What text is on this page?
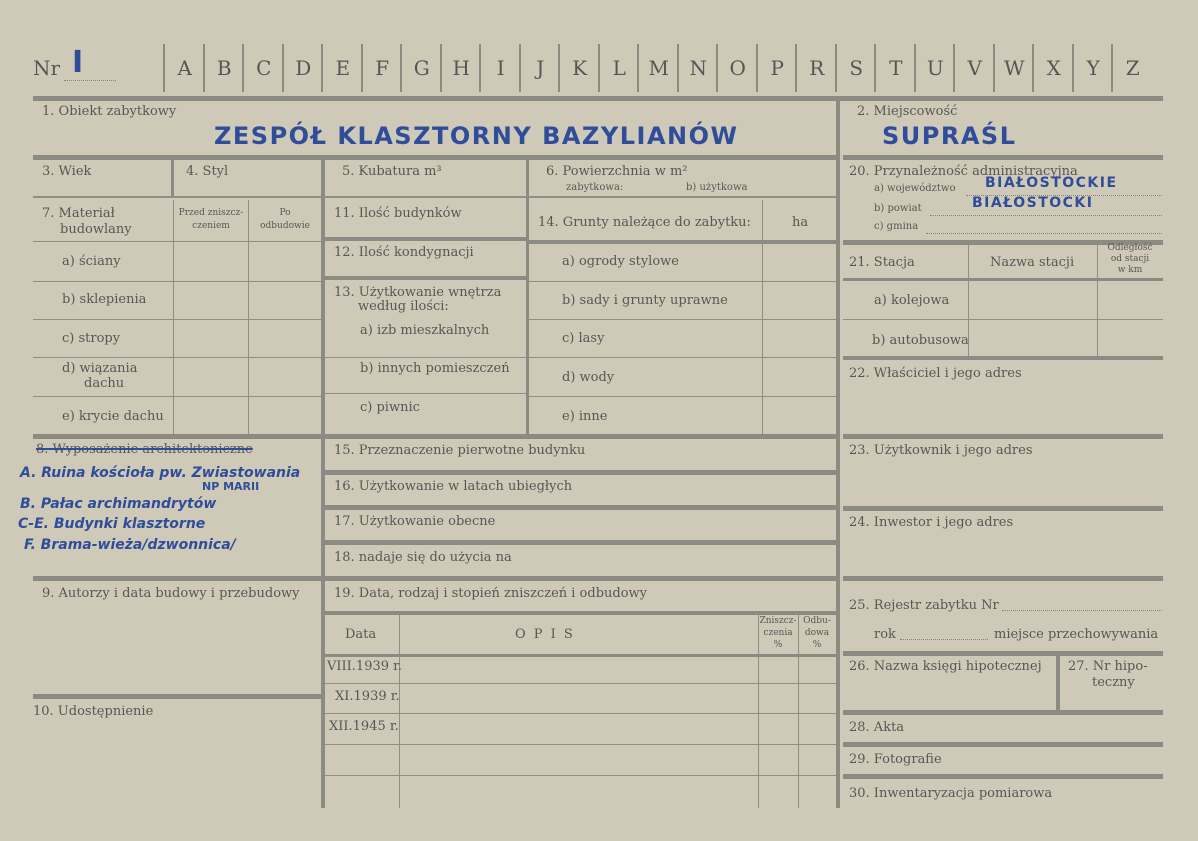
Nr I	A	B	C	D	E	F	G	H	I	J	K	L	M	N	O	P	R	S	T	U	V	W	X	Y	Z
1. Obiekt zabytkowy
ZESPÓŁ KLASZTORNY BAZYLIANÓW
2. Miejscowość
SUPRAŚL
3. Wiek	4. Styl	5. Kubatura m³	6. Powierzchnia w m²
zabytkowa:	b) użytkowa
7. Materiał
budowlany
Przed zniszcz-
czeniem
Po
odbudowie
a) ściany
b) sklepienia
c) stropy
d) wiązania
dachu
e) krycie dachu
11. Ilość budynków
12. Ilość kondygnacji
13. Użytkowanie wnętrza
według ilości:
a) izb mieszkalnych
b) innych pomieszczeń
c) piwnic
14. Grunty należące do zabytku:	ha
a) ogrody stylowe
b) sady i grunty uprawne
c) lasy
d) wody
e) inne
8. Wyposażenie architektoniczne
A. Ruina kościoła pw. Zwiastowania
NP MARII
B. Pałac archimandrytów
C-E. Budynki klasztorne
F. Brama-wieża/dzwonnica/
9. Autorzy i data budowy i przebudowy
10. Udostępnienie
15. Przeznaczenie pierwotne budynku
16. Użytkowanie w latach ubiegłych
17. Użytkowanie obecne
18. nadaje się do użycia na
19. Data, rodzaj i stopień zniszczeń i odbudowy
Data	O P I S
Zniszcz-
czenia
%
Odbu-
dowa
%
VIII.1939 r.
XI.1939 r.
XII.1945 r.
20. Przynależność administracyjna
a) województwo BIAŁOSTOCKIE
b) powiat	BIAŁOSTOCKI
c) gmina
21. Stacja	Nazwa stacji
Odległość
od stacji
w km
a) kolejowa
b) autobusowa
22. Właściciel i jego adres
23. Użytkownik i jego adres
24. Inwestor i jego adres
25. Rejestr zabytku Nr
rok	miejsce przechowywania
26. Nazwa księgi hipotecznej 27. Nr hipo-
teczny
28. Akta
29. Fotografie
30. Inwentaryzacja pomiarowa
